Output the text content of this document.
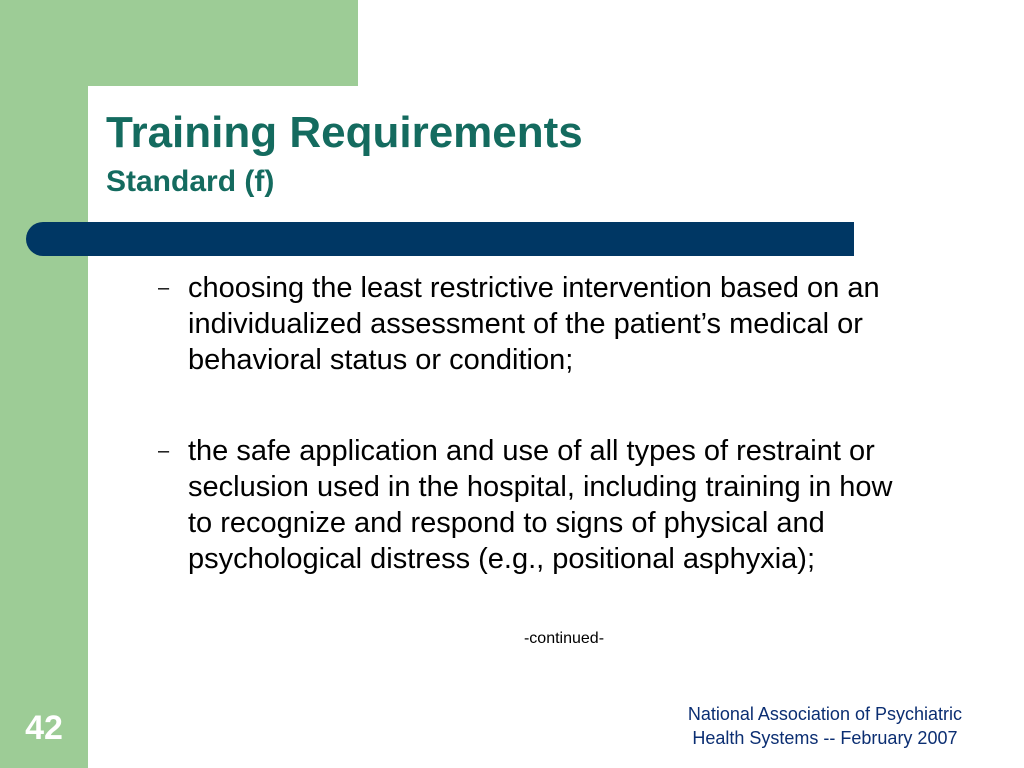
Training Requirements
Standard (f)
– choosing the least restrictive intervention based on an individualized assessment of the patient’s medical or behavioral status or condition;
– the safe application and use of all types of restraint or seclusion used in the hospital, including training in how to recognize and respond to signs of physical and psychological distress (e.g., positional asphyxia);
-continued-
42	National Association of Psychiatric
Health Systems -- February 2007
